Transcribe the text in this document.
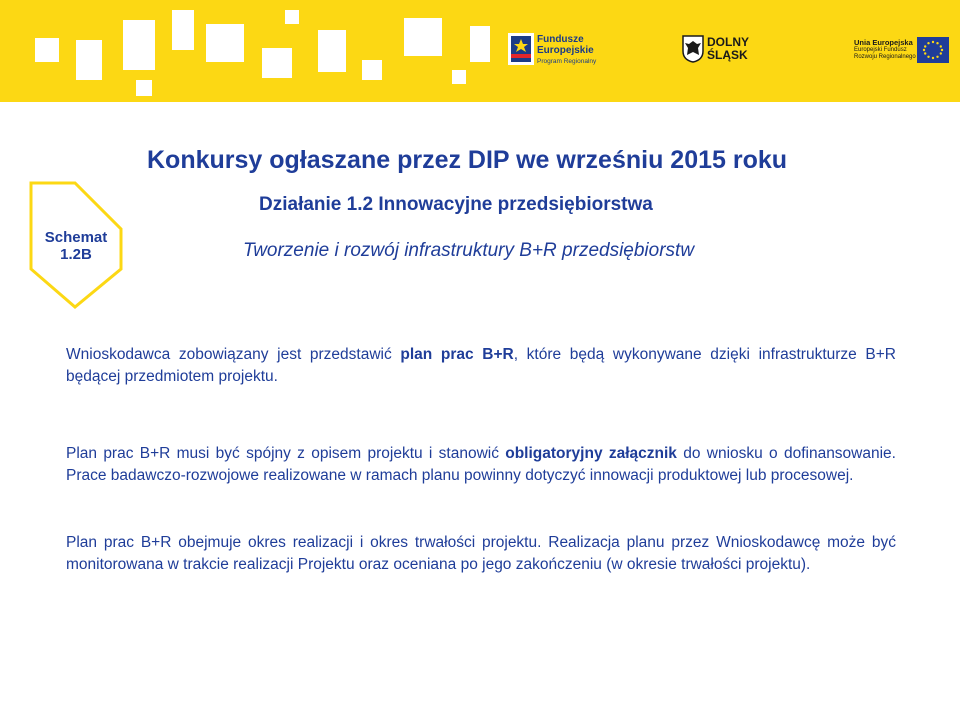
Fundusze
Europejskie
Program Regionalny
DOLNY
ŚLĄSK
Unia Europejska
Europejski Fundusz
Rozwoju Regionalnego
Schemat
1.2B
Konkursy ogłaszane przez DIP we wrześniu 2015 roku
Działanie 1.2 Innowacyjne przedsiębiorstwa
Tworzenie i rozwój infrastruktury B+R przedsiębiorstw
Wnioskodawca zobowiązany jest przedstawić plan prac B+R, które będą wykonywane dzięki infrastrukturze B+R będącej przedmiotem projektu.
Plan prac B+R musi być spójny z opisem projektu i stanowić obligatoryjny załącznik do wniosku o dofinansowanie. Prace badawczo-rozwojowe realizowane w ramach planu powinny dotyczyć innowacji produktowej lub procesowej.
Plan prac B+R obejmuje okres realizacji i okres trwałości projektu. Realizacja planu przez Wnioskodawcę może być monitorowana w trakcie realizacji Projektu oraz oceniana po jego zakończeniu (w okresie trwałości projektu).
